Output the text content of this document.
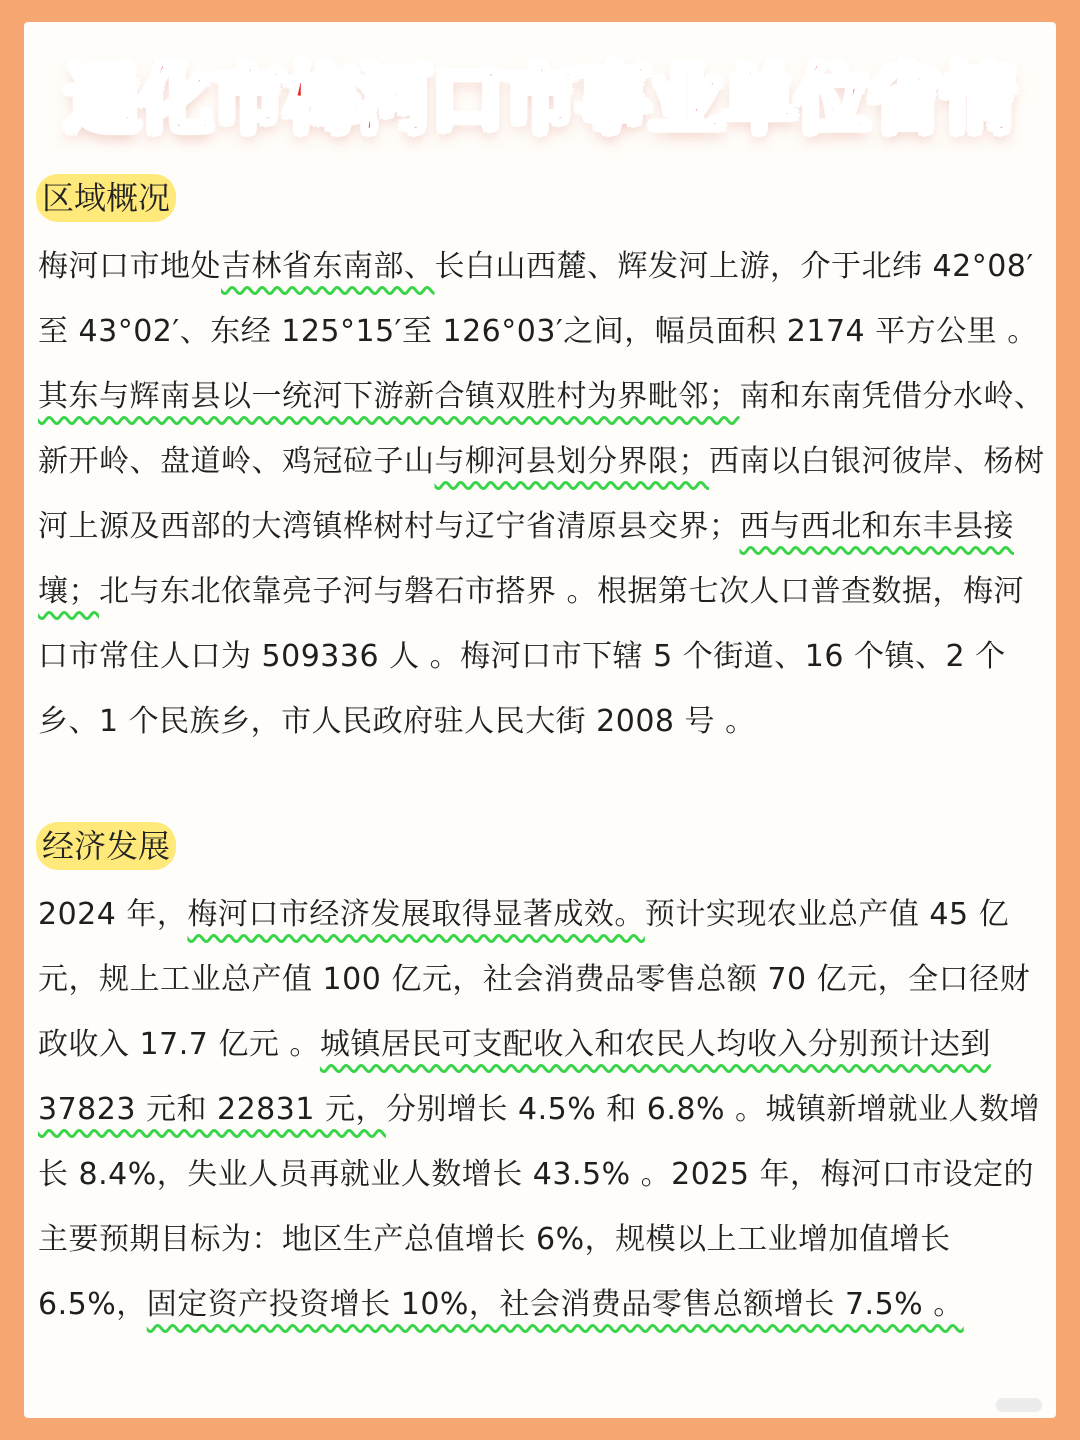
通化市梅河口市事业单位省情
区域概况

梅河口市地处吉林省东南部、长白山西麓、辉发河上游，介于北纬 42°08′至 43°02′、东经 125°15′至 126°03′之间，幅员面积 2174 平方公里 。其东与辉南县以一统河下游新合镇双胜村为界毗邻；南和东南凭借分水岭、新开岭、盘道岭、鸡冠砬子山与柳河县划分界限；西南以白银河彼岸、杨树河上源及西部的大湾镇桦树村与辽宁省清原县交界；西与西北和东丰县接壤；北与东北依靠亮子河与磐石市搭界 。根据第七次人口普查数据，梅河口市常住人口为 509336 人 。梅河口市下辖 5 个街道、16 个镇、2 个乡、1 个民族乡，市人民政府驻人民大街 2008 号 。

经济发展

2024 年，梅河口市经济发展取得显著成效。预计实现农业总产值 45 亿元，规上工业总产值 100 亿元，社会消费品零售总额 70 亿元，全口径财政收入 17.7 亿元 。城镇居民可支配收入和农民人均收入分别预计达到 37823 元和 22831 元，分别增长 4.5% 和 6.8% 。城镇新增就业人数增长 8.4%，失业人员再就业人数增长 43.5% 。2025 年，梅河口市设定的主要预期目标为：地区生产总值增长 6%，规模以上工业增加值增长 6.5%，固定资产投资增长 10%，社会消费品零售总额增长 7.5% 。
